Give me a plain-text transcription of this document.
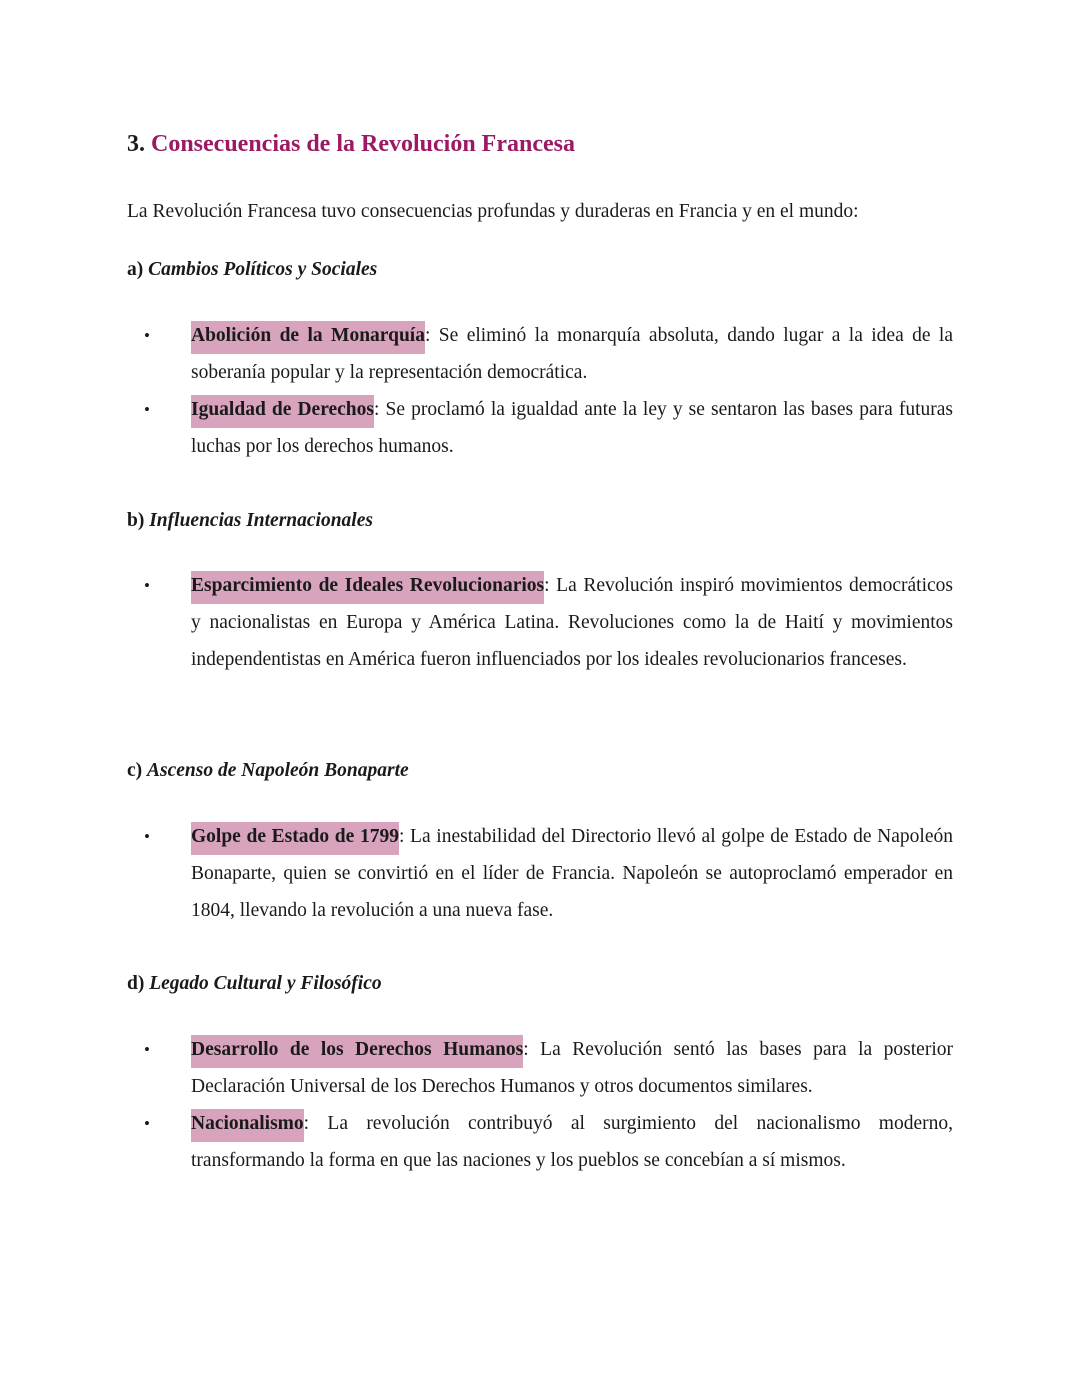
3. Consecuencias de la Revolución Francesa

La Revolución Francesa tuvo consecuencias profundas y duraderas en Francia y en el mundo:

a) Cambios Políticos y Sociales
• Abolición de la Monarquía: Se eliminó la monarquía absoluta, dando lugar a la idea de la soberanía popular y la representación democrática.
• Igualdad de Derechos: Se proclamó la igualdad ante la ley y se sentaron las bases para futuras luchas por los derechos humanos.
b) Influencias Internacionales
• Esparcimiento de Ideales Revolucionarios: La Revolución inspiró movimientos democráticos y nacionalistas en Europa y América Latina. Revoluciones como la de Haití y movimientos independentistas en América fueron influenciados por los ideales revolucionarios franceses.
c) Ascenso de Napoleón Bonaparte
• Golpe de Estado de 1799: La inestabilidad del Directorio llevó al golpe de Estado de Napoleón Bonaparte, quien se convirtió en el líder de Francia. Napoleón se autoproclamó emperador en 1804, llevando la revolución a una nueva fase.
d) Legado Cultural y Filosófico
• Desarrollo de los Derechos Humanos: La Revolución sentó las bases para la posterior Declaración Universal de los Derechos Humanos y otros documentos similares.
• Nacionalismo: La revolución contribuyó al surgimiento del nacionalismo moderno, transformando la forma en que las naciones y los pueblos se concebían a sí mismos.
